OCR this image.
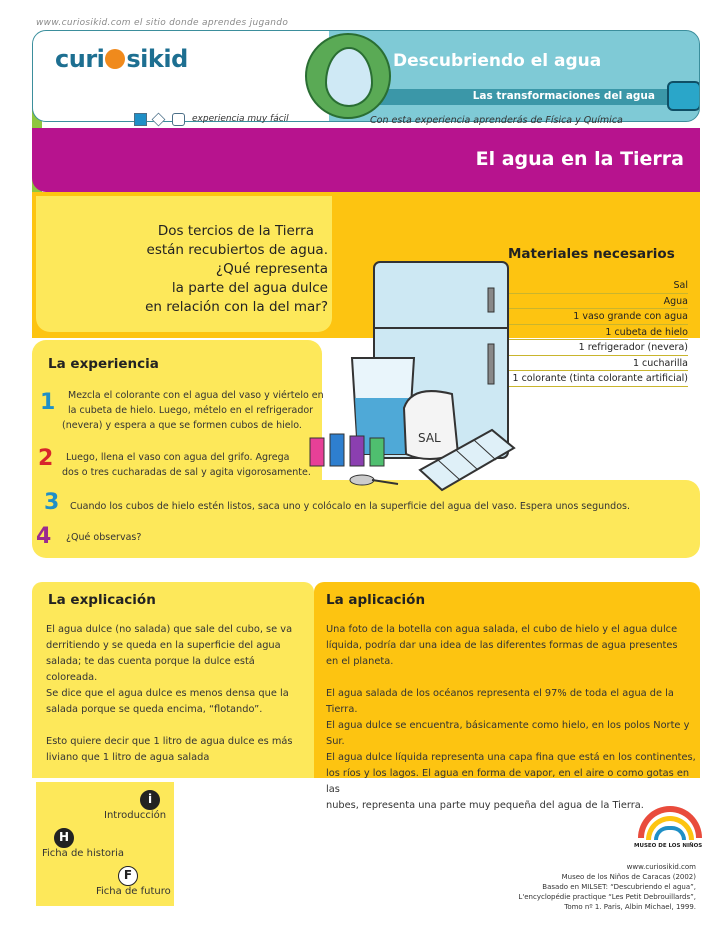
www.curiosikid.com el sitio donde aprendes jugando
curi sikid	Descubriendo el agua
Las transformaciones del agua
experiencia muy fácil	Con esta experiencia aprenderás de Física y Química
El agua en la Tierra
Dos tercios de la Tierra
están recubiertos de agua.
¿Qué representa
la parte del agua dulce
en relación con la del mar?
Materiales necesarios
Sal
Agua
1 vaso grande con agua
1 cubeta de hielo
1 refrigerador (nevera)
1 cucharilla
1 colorante (tinta colorante artificial)
SAL
La experiencia
1 Mezcla el colorante con el agua del vaso y viértelo en
la cubeta de hielo. Luego, mételo en el refrigerador
(nevera) y espera a que se formen cubos de hielo.
2 Luego, llena el vaso con agua del grifo. Agrega
dos o tres cucharadas de sal y agita vigorosamente.
3 Cuando los cubos de hielo estén listos, saca uno y colócalo en la superficie del agua del vaso. Espera unos segundos.
4 ¿Qué observas?
La explicación
El agua dulce (no salada) que sale del cubo, se va
derritiendo y se queda en la superficie del agua
salada; te das cuenta porque la dulce está coloreada.
Se dice que el agua dulce es menos densa que la
salada porque se queda encima, “flotando”.
Esto quiere decir que 1 litro de agua dulce es más
liviano que 1 litro de agua salada
La aplicación
Una foto de la botella con agua salada, el cubo de hielo y el agua dulce
líquida, podría dar una idea de las diferentes formas de agua presentes
en el planeta.
El agua salada de los océanos representa el 97% de toda el agua de la Tierra.
El agua dulce se encuentra, básicamente como hielo, en los polos Norte y Sur.
El agua dulce líquida representa una capa fina que está en los continentes,
los ríos y los lagos. El agua en forma de vapor, en el aire o como gotas en las
nubes, representa una parte muy pequeña del agua de la Tierra.
i
Introducción
H
Ficha de historia
F
Ficha de futuro
MUSEO DE LOS NIÑOS
www.curiosikid.com
Museo de los Niños de Caracas (2002)
Basado en MILSET: “Descubriendo el agua”,
L'encyclopédie practique “Les Petit Debrouillards”,
Tomo nº 1. Paris, Albin Michael, 1999.
